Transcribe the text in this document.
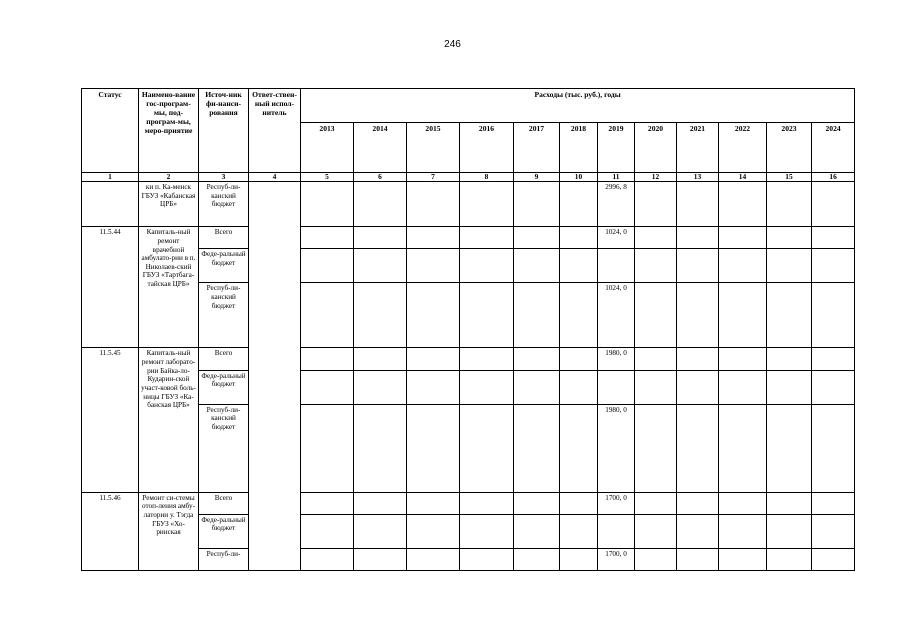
246
Статус	Наимено-вание гос-програм-мы, под-програм-мы, меро-приятие	Источ-ник фи-нанси-рования	Ответ-ствен-ный испол-нитель	Расходы (тыс. руб.), годы											
				2013	2014	2015	2016	2017	2018	2019	2020	2021	2022	2023	2024
1	2	3	4	5	6	7	8	9	10	11	12	13	14	15	16
	ки п. Ка-менск ГБУЗ «Кабанская ЦРБ»	Респуб-ли-канский бюджет								2996, 8					
11.5.44	Капиталь-ный ремонт врачебной амбулато-рии в п. Николаев-ский ГБУЗ «Тартбага-тайская ЦРБ»	Всего								1024, 0					
		Феде-ральный бюджет													
		Респуб-ли-канский бюджет								1024, 0					
11.5.45	Капиталь-ный ремонт лаборато-рии Байка-ло-Кударин-ской участ-ковой боль-ницы ГБУЗ «Ка-банская ЦРБ»	Всего								1980, 0					
		Феде-ральный бюджет													
		Респуб-ли-канский бюджет								1980, 0					
11.5.46	Ремонт си-стемы отоп-ления амбу-латории у. Тэгда ГБУЗ «Хо-ринская	Всего								1700, 0					
		Феде-ральный бюджет													
		Респуб-ли-								1700, 0					
